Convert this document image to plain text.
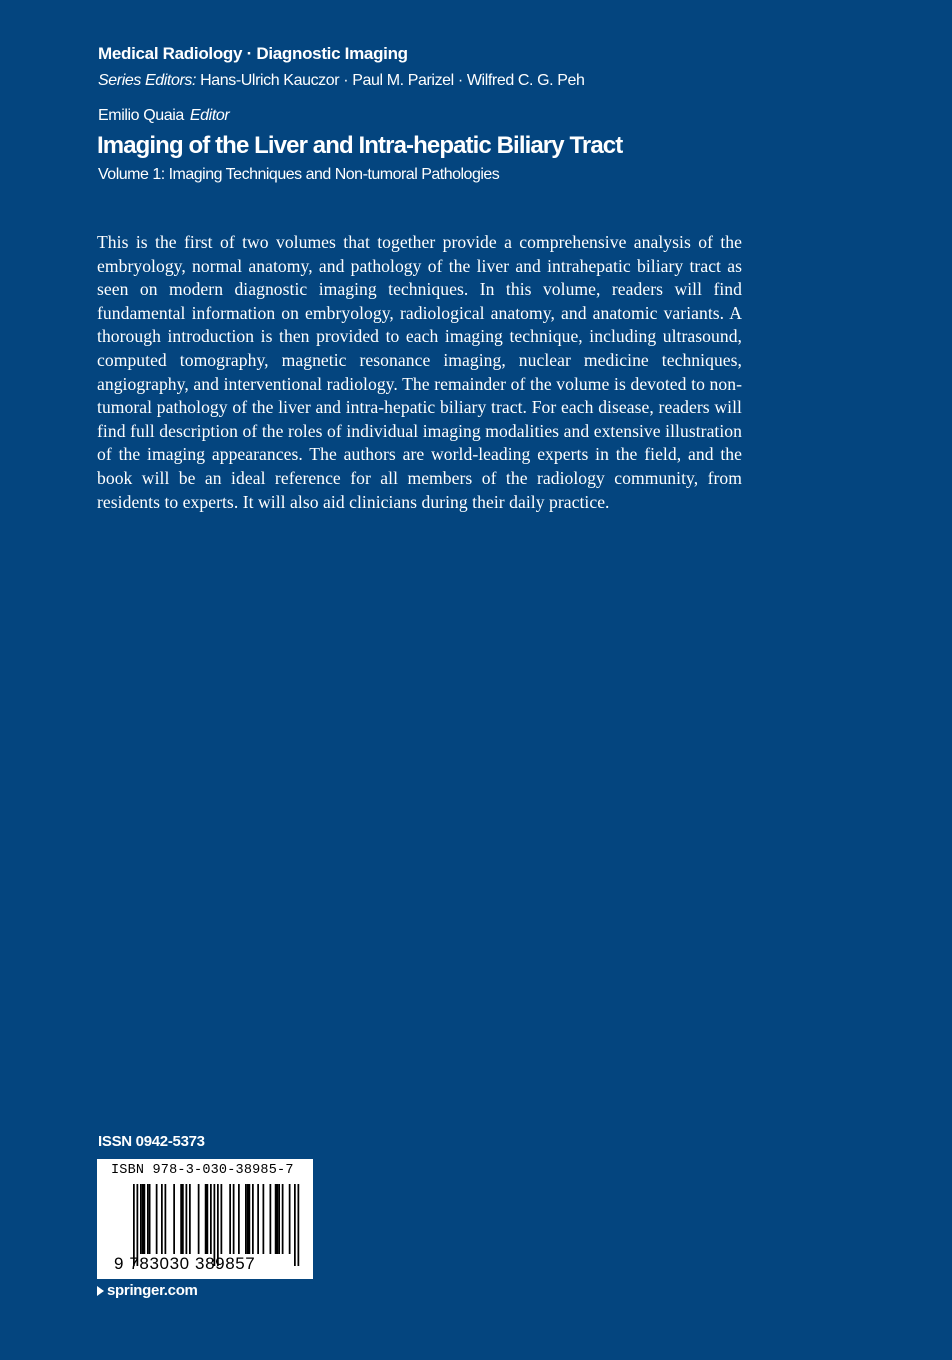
Medical Radiology · Diagnostic Imaging
Series Editors: Hans-Ulrich Kauczor · Paul M. Parizel · Wilfred C. G. Peh
Emilio Quaia Editor
Imaging of the Liver and Intra-hepatic Biliary Tract
Volume 1: Imaging Techniques and Non-tumoral Pathologies
This is the first of two volumes that together provide a comprehensive analysis of the embryology, normal anatomy, and pathology of the liver and intrahepatic biliary tract as seen on modern diagnostic imaging techniques. In this volume, readers will find fundamental information on embryology, radiological anatomy, and anatomic variants. A thorough introduction is then provided to each imaging technique, including ultrasound, computed tomography, magnetic resonance imaging, nuclear medicine techniques, angiography, and interventional radiology. The remainder of the volume is devoted to non-tumoral pathology of the liver and intra-hepatic biliary tract. For each disease, readers will find full description of the roles of individual imaging modalities and extensive illustration of the imaging appearances. The authors are world-leading experts in the field, and the book will be an ideal reference for all members of the radiology community, from residents to experts. It will also aid clinicians during their daily practice.
ISSN 0942-5373
ISBN 978-3-030-38985-7
9 783030 389857
springer.com
